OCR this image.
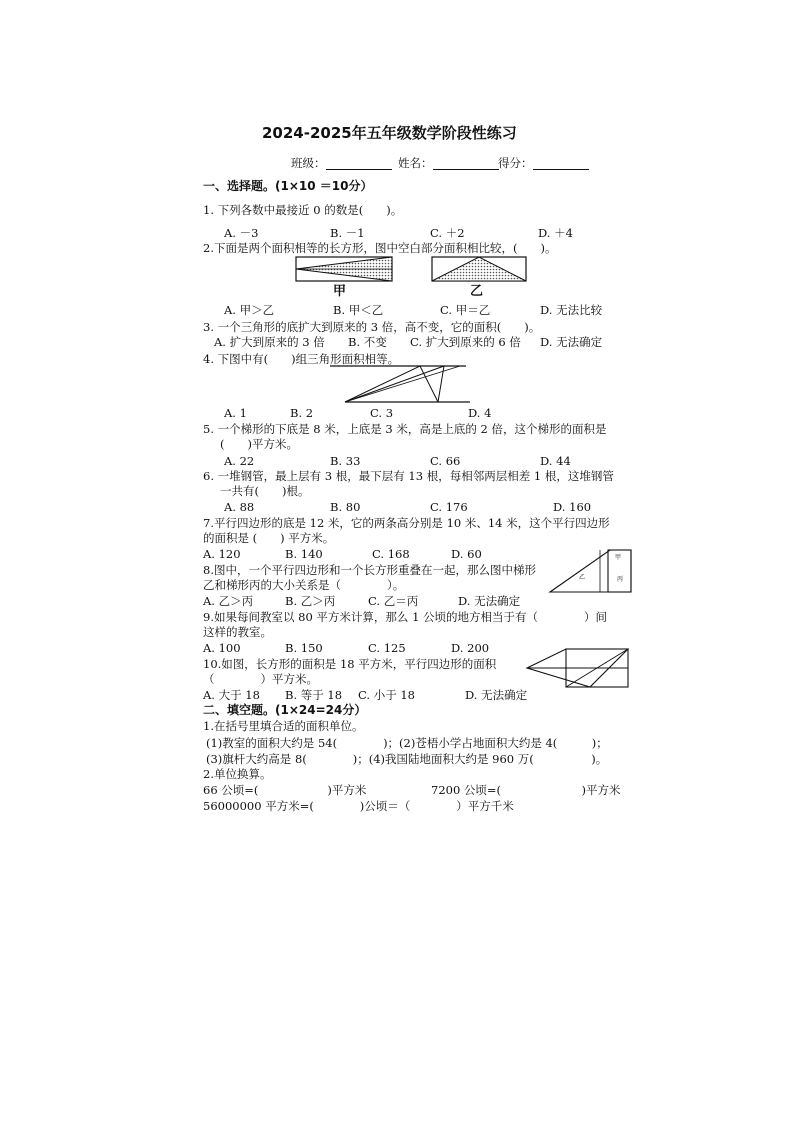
2024-2025年五年级数学阶段性练习
班级：	姓名：	得分：
一、选择题。(1×10 ＝10分）
1. 下列各数中最接近 0 的数是(　　)。
A. －3	B. －1	C. ＋2	D. ＋4
2.下面是两个面积相等的长方形，图中空白部分面积相比较，(　　)。
甲	乙
A. 甲＞乙	B. 甲＜乙	C. 甲＝乙	D. 无法比较
3. 一个三角形的底扩大到原来的 3 倍，高不变，它的面积(　　)。
A. 扩大到原来的 3 倍 B. 不变 C. 扩大到原来的 6 倍 D. 无法确定
4. 下图中有(　　)组三角形面积相等。
A. 1	B. 2	C. 3	D. 4
5. 一个梯形的下底是 8 米，上底是 3 米，高是上底的 2 倍，这个梯形的面积是
(　　)平方米。
A. 22	B. 33	C. 66	D. 44
6. 一堆钢管，最上层有 3 根，最下层有 13 根，每相邻两层相差 1 根，这堆钢管
一共有(　　)根。
A. 88	B. 80	C. 176	D. 160
7.平行四边形的底是 12 米，它的两条高分别是 10 米、14 米，这个平行四边形
的面积是 (　　) 平方米。
A. 120	B. 140	C. 168	D. 60
8.图中，一个平行四边形和一个长方形重叠在一起，那么图中梯形
乙和梯形丙的大小关系是（　　　　）。
甲
乙	丙
A. 乙＞丙	B. 乙＞丙	C. 乙＝丙	D. 无法确定
9.如果每间教室以 80 平方米计算，那么 1 公顷的地方相当于有（　　　　）间
这样的教室。
A. 100	B. 150	C. 125	D. 200
10.如图，长方形的面积是 18 平方米，平行四边形的面积
（　　　　）平方米。
A. 大于 18 B. 等于 18 C. 小于 18	D. 无法确定
二、填空题。(1×24=24分）
1.在括号里填合适的面积单位。
(1)教室的面积大约是 54(　　　　)；(2)苍梧小学占地面积大约是 4(　　　)；
(3)旗杆大约高是 8(　　　　)；(4)我国陆地面积大约是 960 万(　　　　　)。
2.单位换算。
66 公顷=(　　　　　　)平方米	7200 公顷=(　　　　　　　)平方米
56000000 平方米=(　　　　)公顷＝（　　　　）平方千米
